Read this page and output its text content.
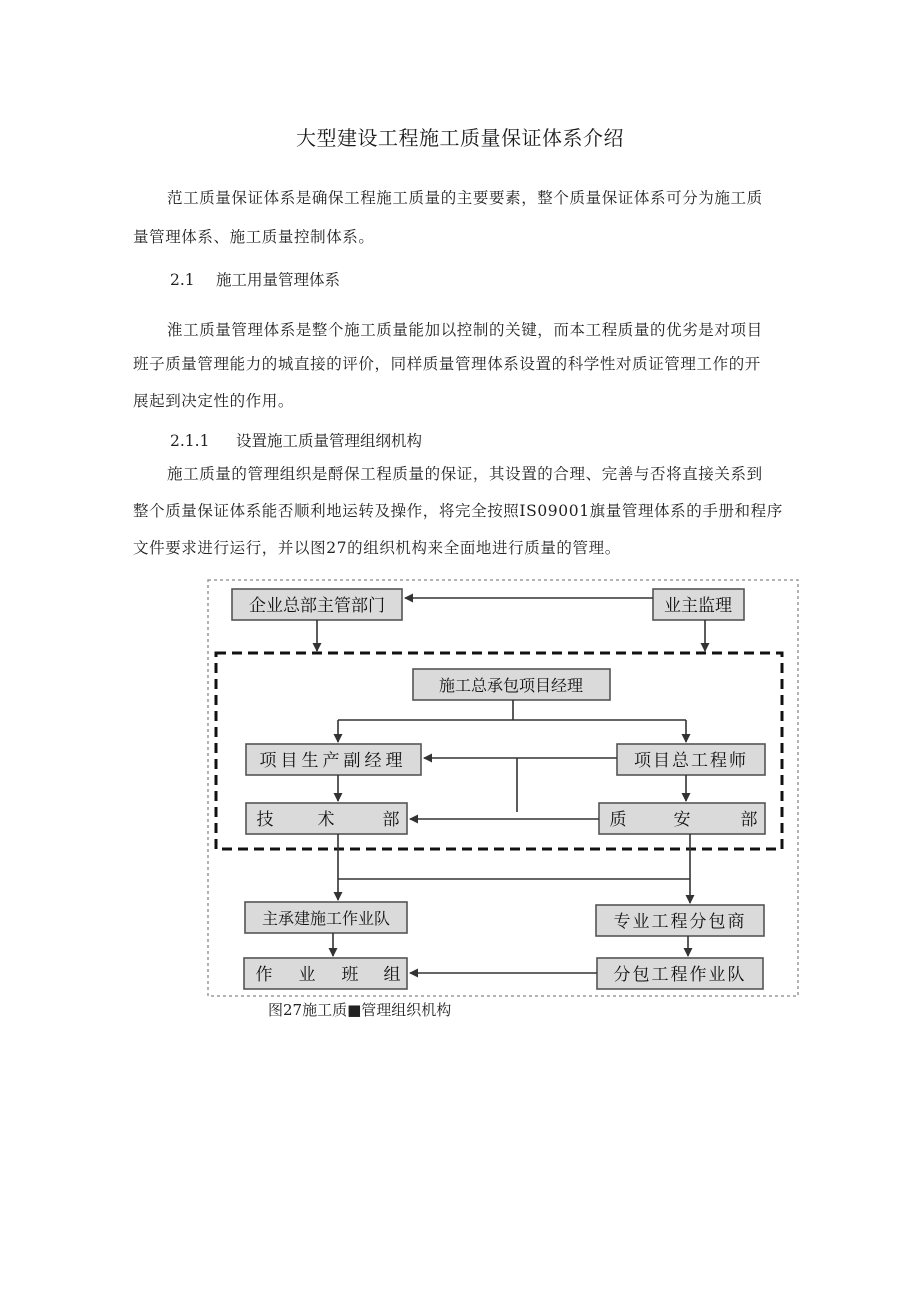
大型建设工程施工质量保证体系介绍
范工质量保证体系是确保工程施工质量的主要要素，整个质量保证体系可分为施工质
量管理体系、施工质量控制体系。
2.1 施工用量管理体系
淮工质量管理体系是整个施工质量能加以控制的关键，而本工程质量的优劣是对项目
班子质量管理能力的城直接的评价，同样质量管理体系设置的科学性对质证管理工作的开
展起到决定性的作用。
2.1.1 设置施工质量管理组纲机构
施工质量的管理组织是酹保工程质量的保证，其设置的合理、完善与否将直接关系到
整个质量保证体系能否顺利地运转及操作，将完全按照IS09001旗量管理体系的手册和程序
文件要求进行运行，并以图27的组织机构来全面地进行质量的管理。
企业总部主管部门	业主监理
施工总承包项目经理
项目生产副经理	项目总工程师
技	术	部	质	安	部
主承建施工作业队	专业工程分包商
作 业 班 组	分包工程作业队
图27施工质■管理组织机构
